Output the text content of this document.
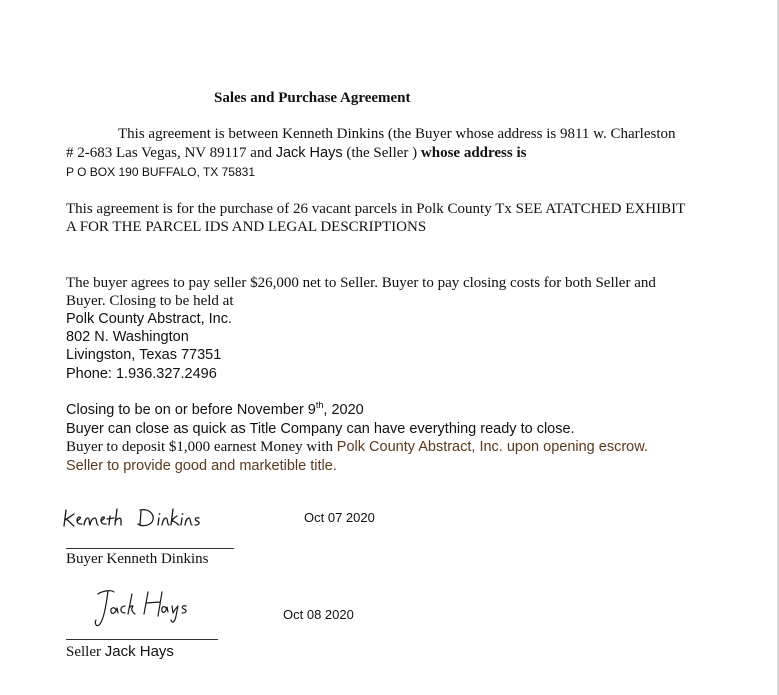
Sales and Purchase Agreement
This agreement is between Kenneth Dinkins (the Buyer whose address is 9811 w. Charleston
# 2-683 Las Vegas, NV 89117 and Jack Hays (the Seller ) whose address is
P O BOX 190 BUFFALO, TX 75831
This agreement is for the purchase of 26 vacant parcels in Polk County Tx SEE ATATCHED EXHIBIT
A FOR THE PARCEL IDS AND LEGAL DESCRIPTIONS
The buyer agrees to pay seller $26,000 net to Seller. Buyer to pay closing costs for both Seller and
Buyer. Closing to be held at
Polk County Abstract, Inc.
802 N. Washington
Livingston, Texas 77351
Phone: 1.936.327.2496
Closing to be on or before November 9th, 2020
Buyer can close as quick as Title Company can have everything ready to close.
Buyer to deposit $1,000 earnest Money with Polk County Abstract, Inc. upon opening escrow.
Seller to provide good and marketible title.
Oct 07 2020
Buyer Kenneth Dinkins
Oct 08 2020
Seller Jack Hays
